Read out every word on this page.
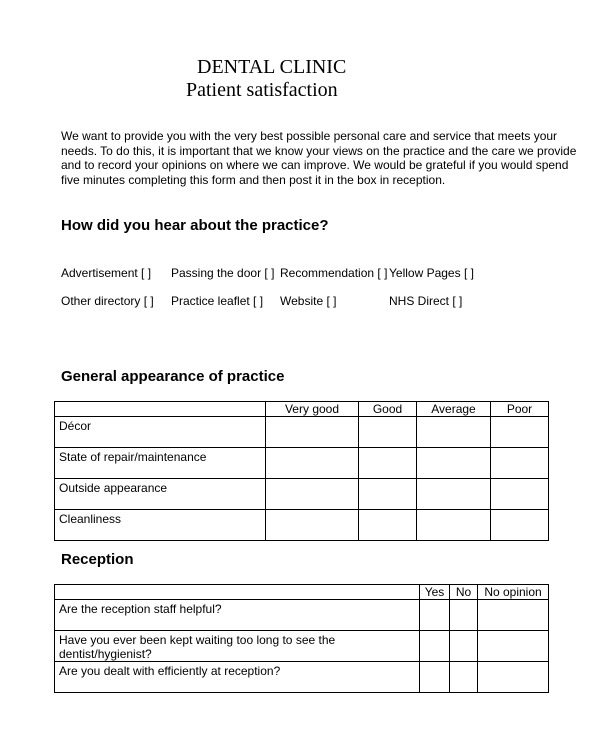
DENTAL CLINIC
Patient satisfaction
We want to provide you with the very best possible personal care and service that meets your
needs. To do this, it is important that we know your views on the practice and the care we provide
and to record your opinions on where we can improve. We would be grateful if you would spend
five minutes completing this form and then post it in the box in reception.
How did you hear about the practice?
Advertisement [ ] Passing the door [ ] Recommendation [ ] Yellow Pages [ ]
Other directory [ ] Practice leaflet [ ] Website [ ]	NHS Direct [ ]
General appearance of practice
	Very good	Good	Average	Poor
Décor				
State of repair/maintenance				
Outside appearance				
Cleanliness				
Reception
	Yes	No	No opinion
Are the reception staff helpful?			
Have you ever been kept waiting too long to see the dentist/hygienist?			
Are you dealt with efficiently at reception?			
